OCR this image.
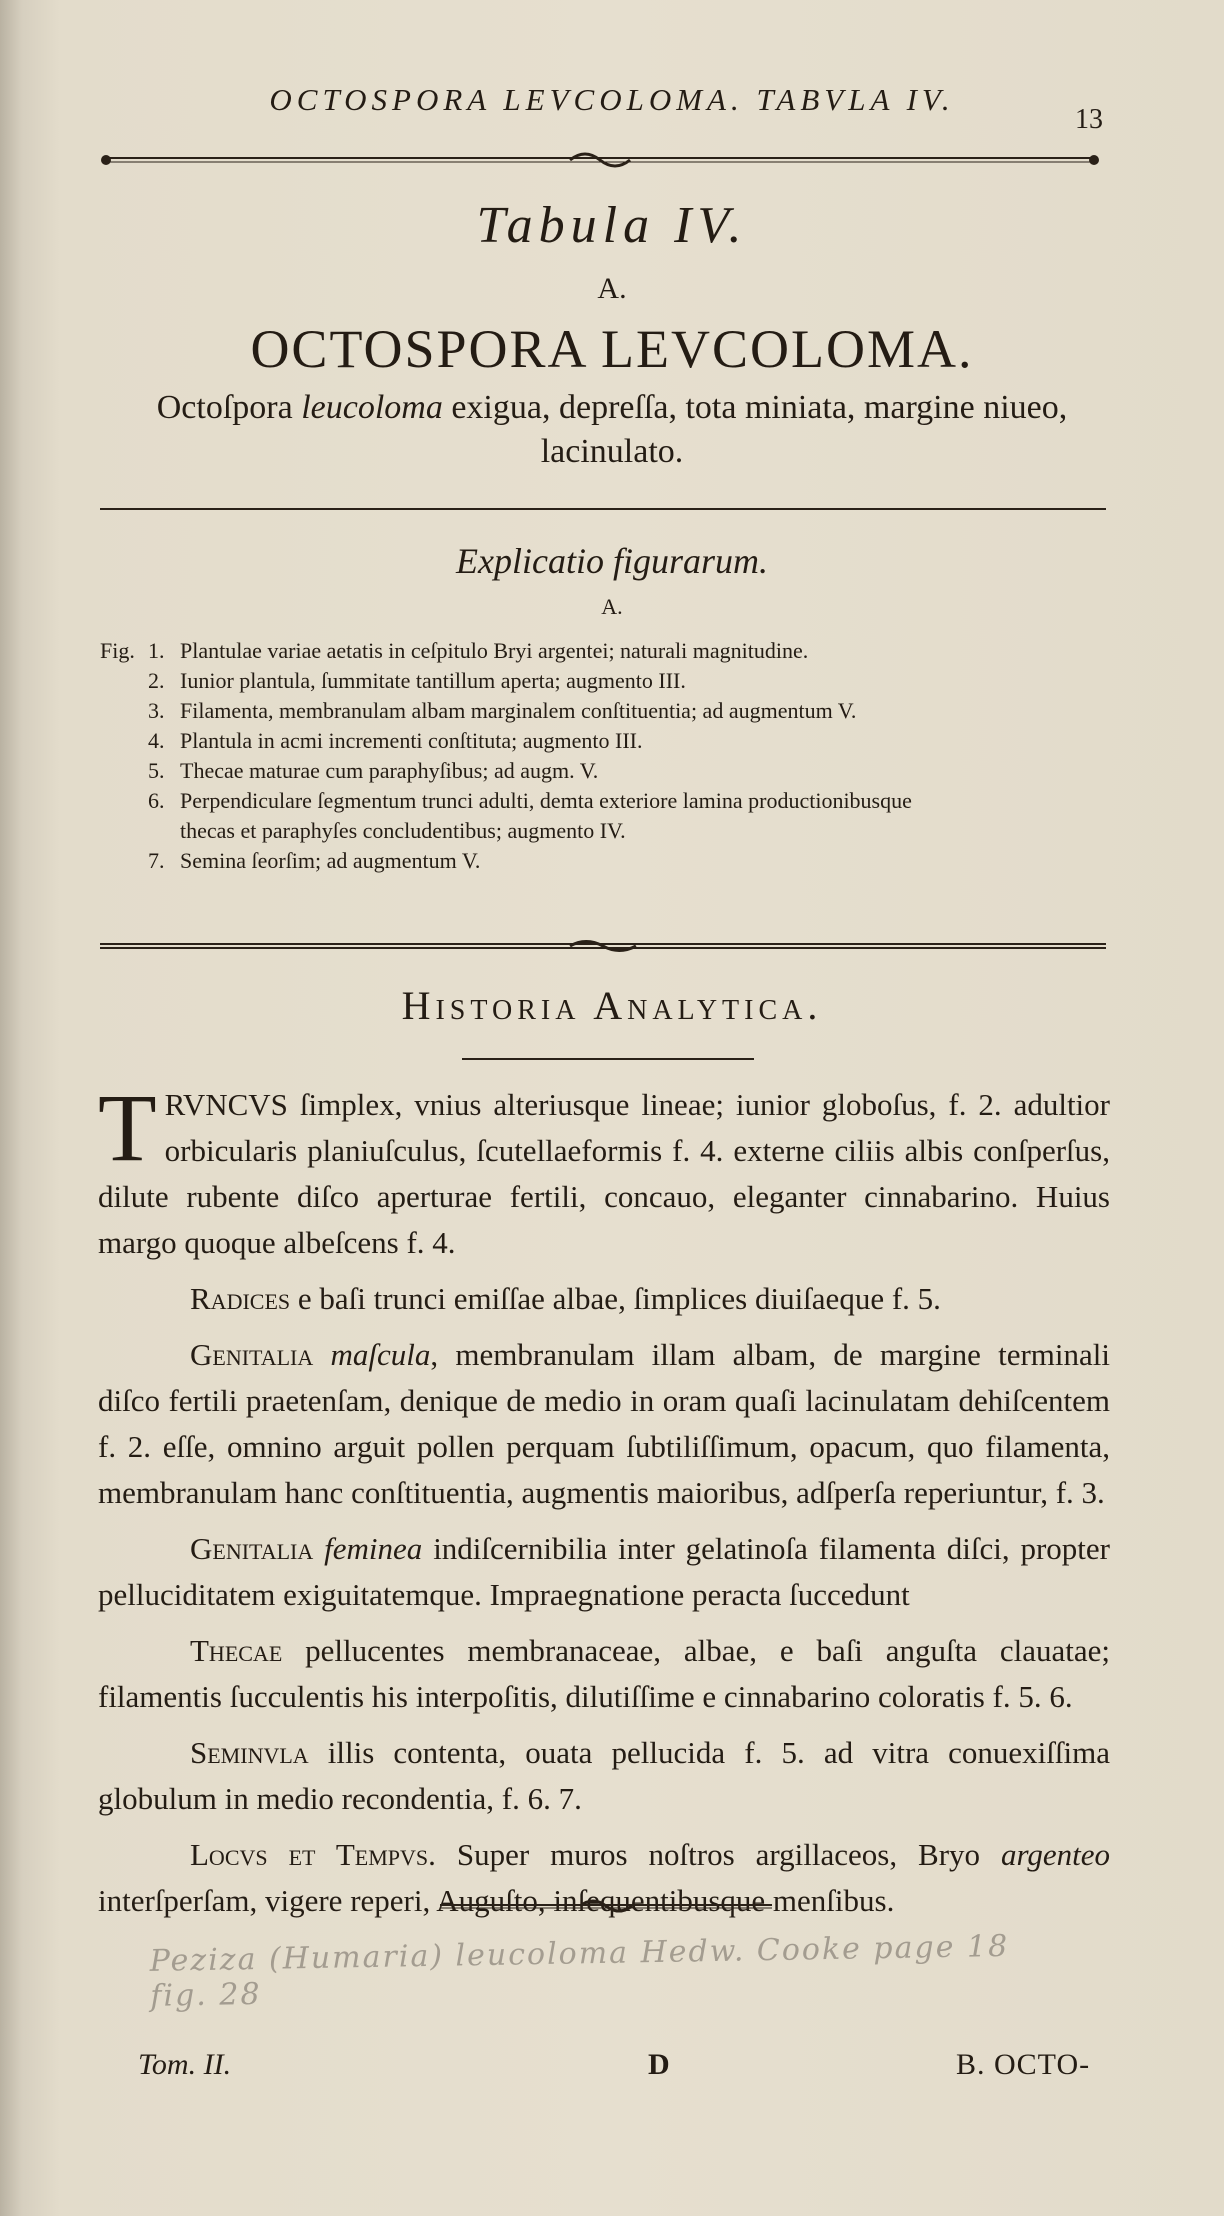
OCTOSPORA LEVCOLOMA. TABVLA IV.
13
Tabula IV.
A.
OCTOSPORA LEVCOLOMA.
Octoſpora leucoloma exigua, depreſſa, tota miniata, margine niueo, lacinulato.
Explicatio figurarum.
A.
Fig. 1. Plantulae variae aetatis in ceſpitulo Bryi argentei; naturali magnitudine.
2. Iunior plantula, ſummitate tantillum aperta; augmento III.
3. Filamenta, membranulam albam marginalem conſtituentia; ad augmentum V.
4. Plantula in acmi incrementi conſtituta; augmento III.
5. Thecae maturae cum paraphyſibus; ad augm. V.
6. Perpendiculare ſegmentum trunci adulti, demta exteriore lamina productionibusque
thecas et paraphyſes concludentibus; augmento IV.
7. Semina ſeorſim; ad augmentum V.
Historia Analytica.

TRVNCVS ſimplex, vnius alteriusque lineae; iunior globoſus, f. 2. adultior orbicularis planiuſculus, ſcutellaeformis f. 4. externe ciliis albis conſperſus, dilute rubente diſco aperturae fertili, concauo, eleganter cinnabarino. Huius margo quoque albeſcens f. 4.

Radices e baſi trunci emiſſae albae, ſimplices diuiſaeque f. 5.

Genitalia maſcula, membranulam illam albam, de margine terminali diſco fertili praetenſam, denique de medio in oram quaſi lacinulatam dehiſcentem f. 2. eſſe, omnino arguit pollen perquam ſubtiliſſimum, opacum, quo filamenta, membranulam hanc conſtituentia, augmentis maioribus, adſperſa reperiuntur, f. 3.

Genitalia feminea indiſcernibilia inter gelatinoſa filamenta diſci, propter pelluciditatem exiguitatemque. Impraegnatione peracta ſuccedunt

Thecae pellucentes membranaceae, albae, e baſi anguſta clauatae; filamentis ſucculentis his interpoſitis, dilutiſſime e cinnabarino coloratis f. 5. 6.

Seminvla illis contenta, ouata pellucida f. 5. ad vitra conuexiſſima globulum in medio recondentia, f. 6. 7.

Locvs et Tempvs. Super muros noſtros argillaceos, Bryo argenteo interſperſam, vigere reperi, Auguſto, inſequentibusque menſibus.

Peziza (Humaria) leucoloma Hedw. Cooke page 18 fig. 28
Tom. II.	D	B. OCTO-
